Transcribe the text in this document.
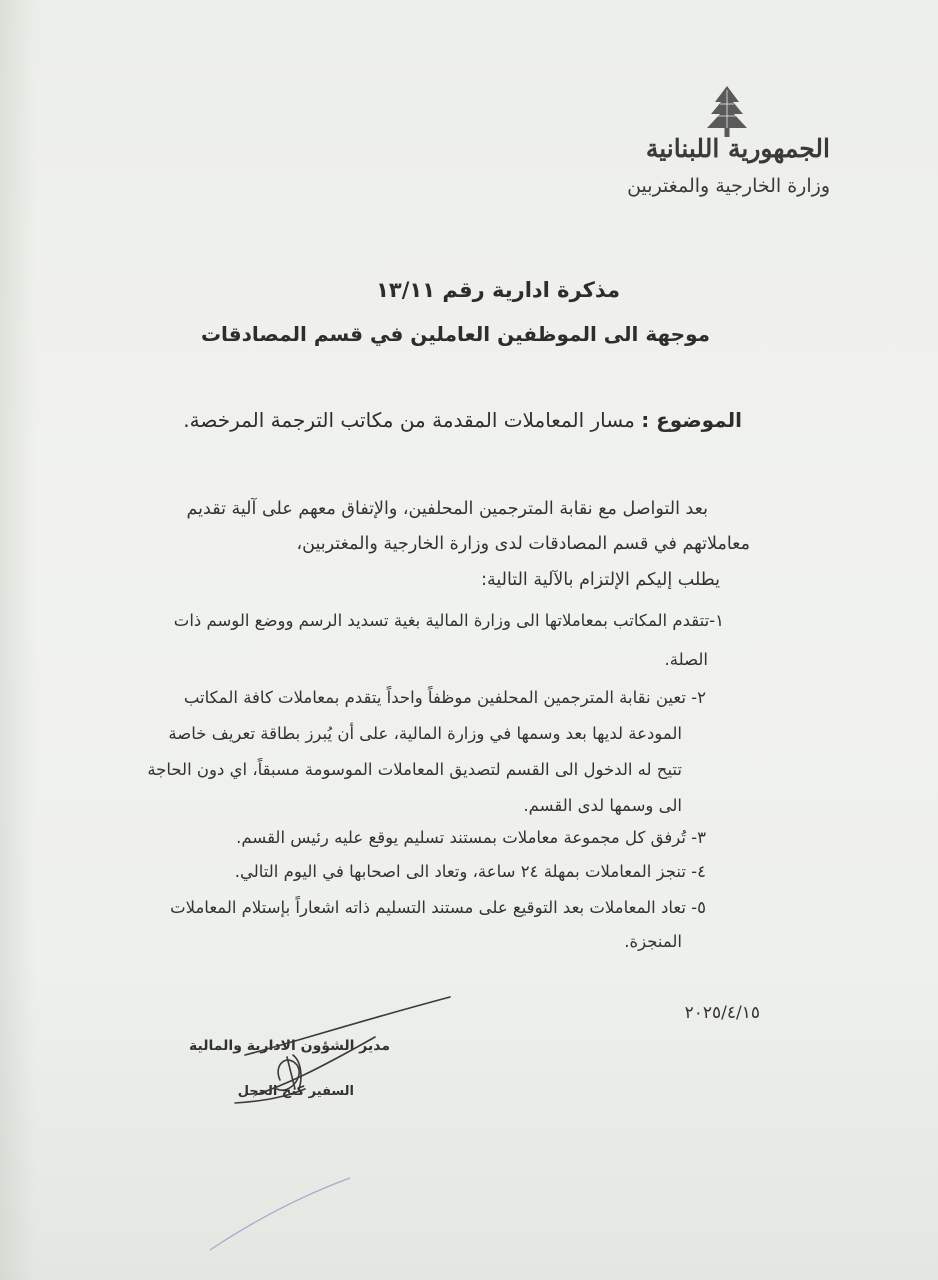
الجمهورية اللبنانية

وزارة الخارجية والمغتربين

مذكرة ادارية رقم ١٣/١١

موجهة الى الموظفين العاملين في قسم المصادقات

الموضوع : مسار المعاملات المقدمة من مكاتب الترجمة المرخصة.

بعد التواصل مع نقابة المترجمين المحلفين، والإتفاق معهم على آلية تقديم

معاملاتهم في قسم المصادقات لدى وزارة الخارجية والمغتربين،

يطلب إليكم الإلتزام بالآلية التالية:

١-تتقدم المكاتب بمعاملاتها الى وزارة المالية بغية تسديد الرسم ووضع الوسم ذات

الصلة.

٢- تعين نقابة المترجمين المحلفين موظفاً واحداً يتقدم بمعاملات كافة المكاتب

المودعة لديها بعد وسمها في وزارة المالية، على أن يُبرز بطاقة تعريف خاصة

تتيح له الدخول الى القسم لتصديق المعاملات الموسومة مسبقاً، اي دون الحاجة

الى وسمها لدى القسم.

٣- تُرفق كل مجموعة معاملات بمستند تسليم يوقع عليه رئيس القسم.

٤- تنجز المعاملات بمهلة ٢٤ ساعة، وتعاد الى اصحابها في اليوم التالي.

٥- تعاد المعاملات بعد التوقيع على مستند التسليم ذاته اشعاراً بإستلام المعاملات

المنجزة.

٢٠٢٥/٤/١٥

مدير الشؤون الادارية والمالية

السفير كنج الحجل
